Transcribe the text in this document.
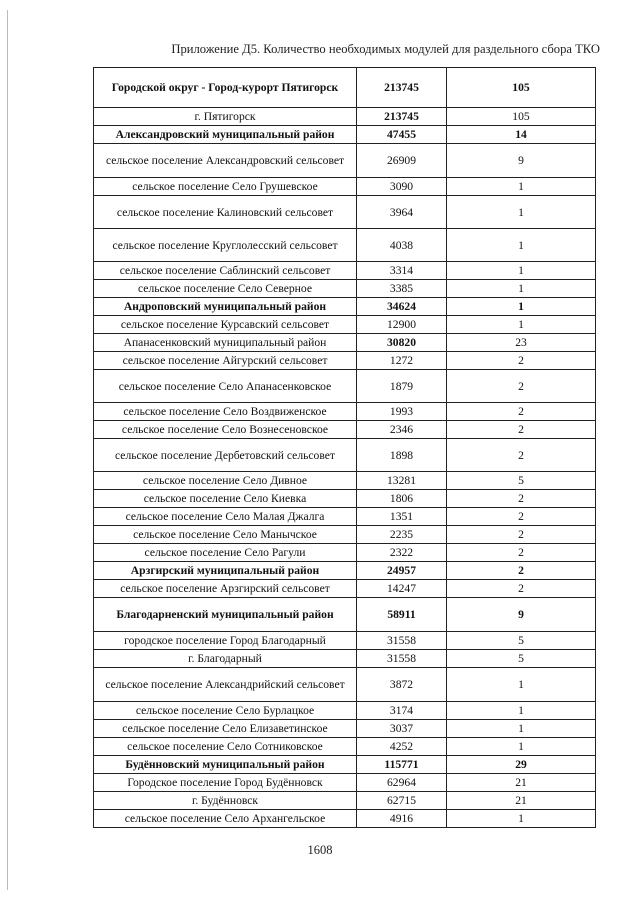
Приложение Д5. Количество необходимых модулей для раздельного сбора ТКО
Городской округ - Город-курорт Пятигорск	213745	105
г. Пятигорск	213745	105
Александровский муниципальный район	47455	14
сельское поселение Александровский сельсовет	26909	9
сельское поселение Село Грушевское	3090	1
сельское поселение Калиновский сельсовет	3964	1
сельское поселение Круглолесский сельсовет	4038	1
сельское поселение Саблинский сельсовет	3314	1
сельское поселение Село Северное	3385	1
Андроповский муниципальный район	34624	1
сельское поселение Курсавский сельсовет	12900	1
Апанасенковский муниципальный район	30820	23
сельское поселение Айгурский сельсовет	1272	2
сельское поселение Село Апанасенковское	1879	2
сельское поселение Село Воздвиженское	1993	2
сельское поселение Село Вознесеновское	2346	2
сельское поселение Дербетовский сельсовет	1898	2
сельское поселение Село Дивное	13281	5
сельское поселение Село Киевка	1806	2
сельское поселение Село Малая Джалга	1351	2
сельское поселение Село Манычское	2235	2
сельское поселение Село Рагули	2322	2
Арзгирский муниципальный район	24957	2
сельское поселение Арзгирский сельсовет	14247	2
Благодарненский муниципальный район	58911	9
городское поселение Город Благодарный	31558	5
г. Благодарный	31558	5
сельское поселение Александрийский сельсовет	3872	1
сельское поселение Село Бурлацкое	3174	1
сельское поселение Село Елизаветинское	3037	1
сельское поселение Село Сотниковское	4252	1
Будённовский муниципальный район	115771	29
Городское поселение Город Будённовск	62964	21
г. Будённовск	62715	21
сельское поселение Село Архангельское	4916	1
1608
